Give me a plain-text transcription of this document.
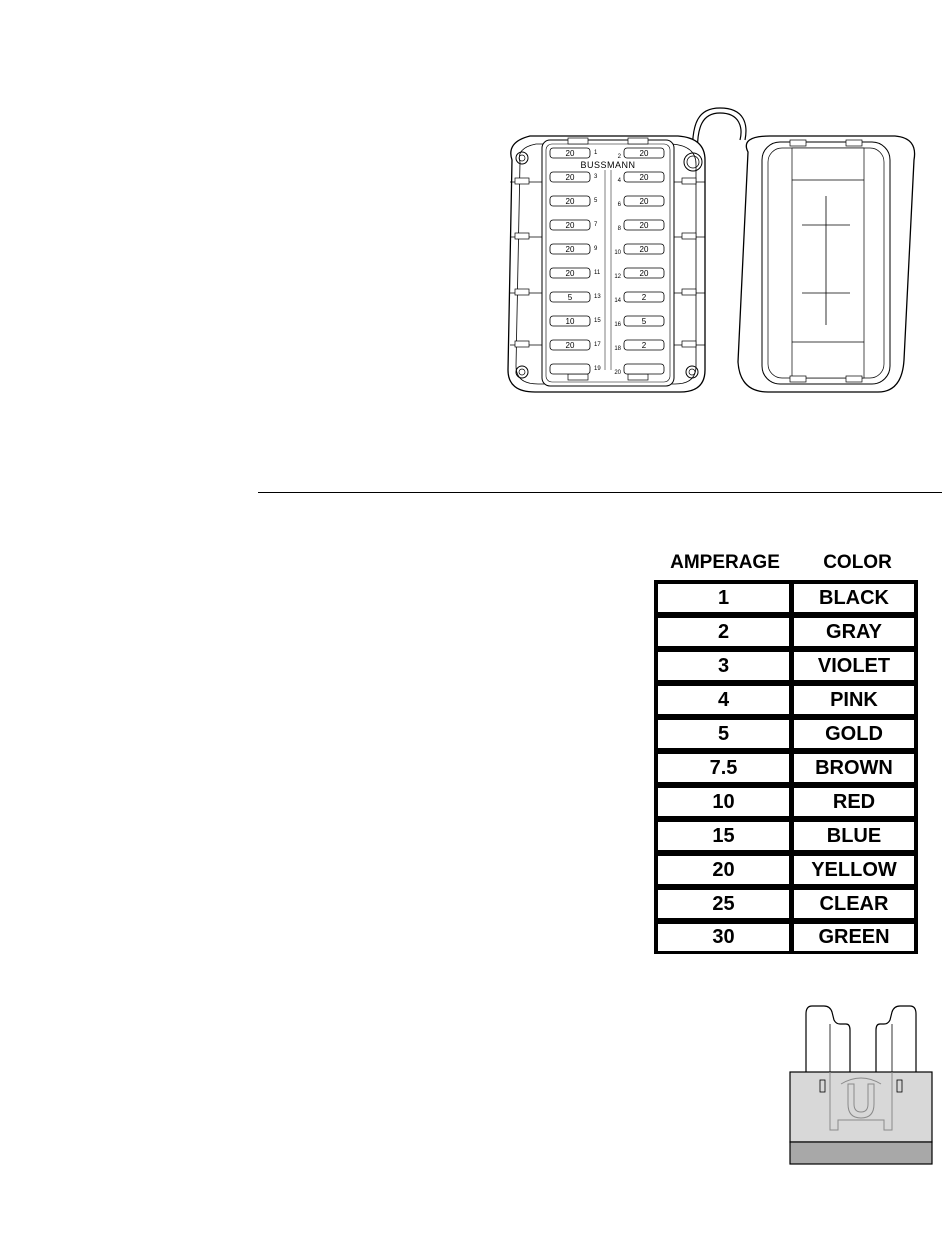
BUSSMANN
20	1
20	3
20	5
20	7
20	9
20	11
5	13
10	15
20	17
19
20
2
20
4
20
6
20
8
20
10
20
12
2
14
5
16
2
18
20
AMPERAGE	COLOR
1	BLACK
2	GRAY
3	VIOLET
4	PINK
5	GOLD
7.5	BROWN
10	RED
15	BLUE
20	YELLOW
25	CLEAR
30	GREEN
